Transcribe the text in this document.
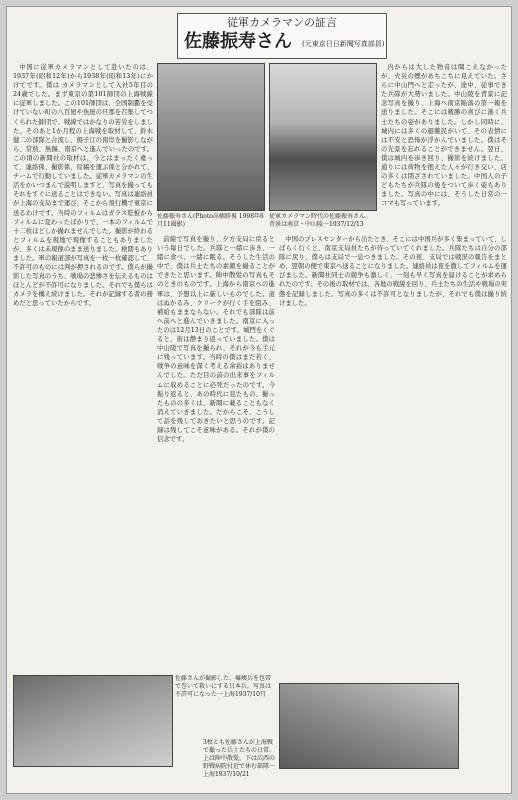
従軍カメラマンの証言
佐藤振寿さん (元東京日日新聞写真部員)
佐藤振寿さん(Photo高橋勝視 1998年6月11撮影)
従軍カメラマン時代の佐藤振寿さん。背景は南京・中山陵一1937/12/13

中国に従軍カメラマンとして赴いたのは、1937年(昭和12年)から1938年(昭和13年)にかけてです。僕は カメラマンとして入社5年目の24歳でした。まず東京の第101師団の上海戦線に従軍しました。この101師団は、全国制覇を受けていない町の八百屋や魚屋の旦那を召集してつくられた師団で、戦線ではかなりの苦労をしました。そのあと1か月程の上海戦を取材して、鈴木健二の部隊と合流し、揚子江の南岸を撮影しながら、常熟、無錫、南京へと進んでいったのです。この頃の新聞社の取材は、今とはまったく違って、連絡係、撮影係、原稿を運ぶ係と分かれて、チームで行動していました。従軍カメラマンの生活をかいつまんで説明しますと、写真を撮ってもそれをすぐに送ることはできない。写真は連絡員が上海の支局まで運び、そこから飛行機で東京に送るわけです。当時のフィルムはガラス乾板からフィルムに変わったばかりで、一本のフィルムで十二枚ほどしか撮れませんでした。撮影が終わるとフィルムを現地で現像することもありましたが、多くは未現像のまま送りました。検閲もありました。軍の報道部が写真を一枚一枚確認して、不許可のものには判が押されるのです。僕らが撮影した写真のうち、戦場の悲惨さを伝えるものはほとんどが不許可になりました。それでも僕らはカメラを構え続けました。それが記録する者の務めだと思っていたからです。

前線で写真を撮り、夕方支局に戻るという毎日でした。兵隊と一緒に歩き、一緒に食べ、一緒に眠る。そうした生活の中で、僕は兵士たちの素顔を撮ることができたと思います。陣中散髪の写真もそのときのものです。上海から南京への進軍は、予想以上に厳しいものでした。道はぬかるみ、クリークが行く手を阻み、補給もままならない。それでも部隊は前へ前へと進んでいきました。南京に入ったのは12月13日のことです。城門をくぐると、街は静まり返っていました。僕は中山陵で写真を撮られ、それが今も手元に残っています。当時の僕はまだ若く、戦争の意味を深く考える余裕はありませんでした。ただ目の前の出来事をフィルムに収めることに必死だったのです。今振り返ると、あの時代に見たもの、撮ったものの多くは、新聞に載ることもなく消えていきました。だからこそ、こうして話を残しておきたいと思うのです。記録は残してこそ意味がある。それが僕の信念です。

内からは大した物音は聞こえなかったが、火災の煙があちこちに見えていた。さらに中山門へと走ったが、途中、従事できた兵隊が大勢いました。中山陵を背景に記念写真を撮り、上海へ南京陥落の第一報を送りました。そこには戦勝の喜びに沸く兵士たちの姿がありました。しかし同時に、城内には多くの避難民がいて、その表情には不安と恐怖が浮かんでいました。僕はその光景を忘れることができません。翌日、僕は城内を歩き回り、撮影を続けました。通りには荷物を抱えた人々が行き交い、店の多くは閉ざされていました。中国人の子どもたちが兵隊の後をついて歩く姿もありました。写真の中には、そうした日常の一コマも写っています。

中国のプレスセンターから出たとき、そこには中国兵が多く集まっていて、しばらく行くと、南京支局員たちが待っていてくれました。兵隊たちは自分の部隊に戻り、僕らは支局で一息つきました。その夜、支局では戦況の報告をまとめ、翌朝の便で東京へ送ることになりました。連絡員は夜を徹してフィルムを運びました。新聞社同士の競争も激しく、一刻も早く写真を届けることが求められたのです。その後の取材では、各地の戦線を回り、兵士たちの生活や戦場の実態を記録しました。写真の多くは不許可となりましたが、それでも僕は撮り続けました。

佐藤さんが撮影した、爆痍兵を包帯で巻いて救いにする日本兵。写真は不許可になった一上海1937/10月
3枚とも佐藤さんが上海戦で撮った兵士たちの日常。上は陣中散髪。下は広西の野戦病院付近で休む部隊一上海1937/10/21
